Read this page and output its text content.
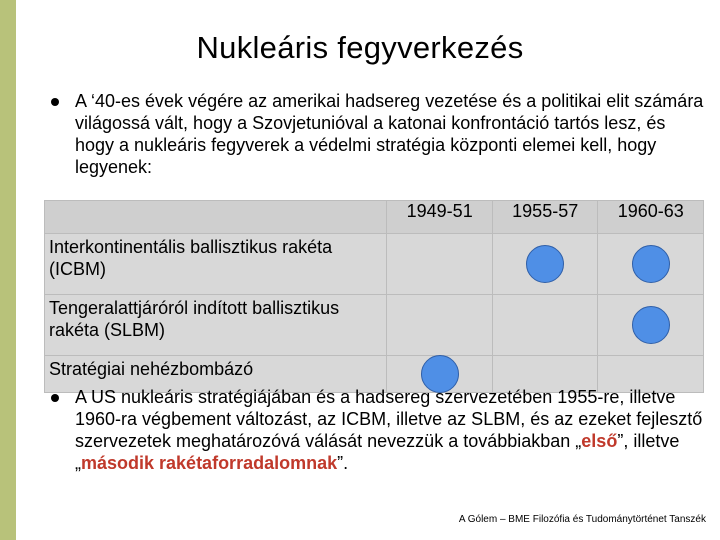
Nukleáris fegyverkezés
A ‘40-es évek végére az amerikai hadsereg vezetése és a politikai elit számára világossá vált, hogy a Szovjetunióval a katonai konfrontáció tartós lesz, és hogy a nukleáris fegyverek a védelmi stratégia központi elemei kell, hogy legyenek:
	1949-51	1955-57	1960-63
Interkontinentális ballisztikus rakéta (ICBM)		

Tengeralattjáróról indított ballisztikus rakéta (SLBM)			

Stratégiai nehézbombázó	

A US nukleáris stratégiájában és a hadsereg szervezetében 1955-re, illetve 1960-ra végbement változást, az ICBM, illetve az SLBM, és az ezeket fejlesztő szervezetek meghatározóvá válását nevezzük a továbbiakban „első”, illetve „második rakétaforradalomnak”.
A Gólem – BME Filozófia és Tudománytörténet Tanszék
